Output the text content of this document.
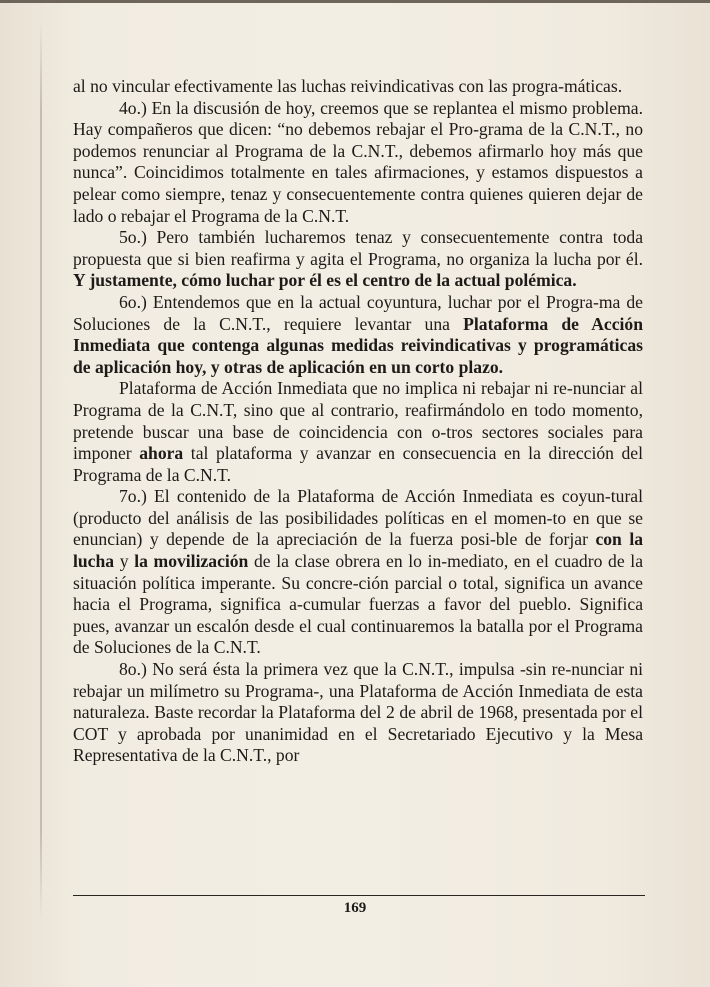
al no vincular efectivamente las luchas reivindicativas con las progra-máticas.

4o.) En la discusión de hoy, creemos que se replantea el mismo problema. Hay compañeros que dicen: “no debemos rebajar el Pro-grama de la C.N.T., no podemos renunciar al Programa de la C.N.T., debemos afirmarlo hoy más que nunca”. Coincidimos totalmente en tales afirmaciones, y estamos dispuestos a pelear como siempre, tenaz y consecuentemente contra quienes quieren dejar de lado o rebajar el Programa de la C.N.T.

5o.) Pero también lucharemos tenaz y consecuentemente contra toda propuesta que si bien reafirma y agita el Programa, no organiza la lucha por él. Y justamente, cómo luchar por él es el centro de la actual polémica.

6o.) Entendemos que en la actual coyuntura, luchar por el Progra-ma de Soluciones de la C.N.T., requiere levantar una Plataforma de Acción Inmediata que contenga algunas medidas reivindicativas y programáticas de aplicación hoy, y otras de aplicación en un corto plazo.

Plataforma de Acción Inmediata que no implica ni rebajar ni re-nunciar al Programa de la C.N.T, sino que al contrario, reafirmándolo en todo momento, pretende buscar una base de coincidencia con o-tros sectores sociales para imponer ahora tal plataforma y avanzar en consecuencia en la dirección del Programa de la C.N.T.

7o.) El contenido de la Plataforma de Acción Inmediata es coyun-tural (producto del análisis de las posibilidades políticas en el momen-to en que se enuncian) y depende de la apreciación de la fuerza posi-ble de forjar con la lucha y la movilización de la clase obrera en lo in-mediato, en el cuadro de la situación política imperante. Su concre-ción parcial o total, significa un avance hacia el Programa, significa a-cumular fuerzas a favor del pueblo. Significa pues, avanzar un escalón desde el cual continuaremos la batalla por el Programa de Soluciones de la C.N.T.

8o.) No será ésta la primera vez que la C.N.T., impulsa -sin re-nunciar ni rebajar un milímetro su Programa-, una Plataforma de Acción Inmediata de esta naturaleza. Baste recordar la Plataforma del 2 de abril de 1968, presentada por el COT y aprobada por unanimidad en el Secretariado Ejecutivo y la Mesa Representativa de la C.N.T., por

169
